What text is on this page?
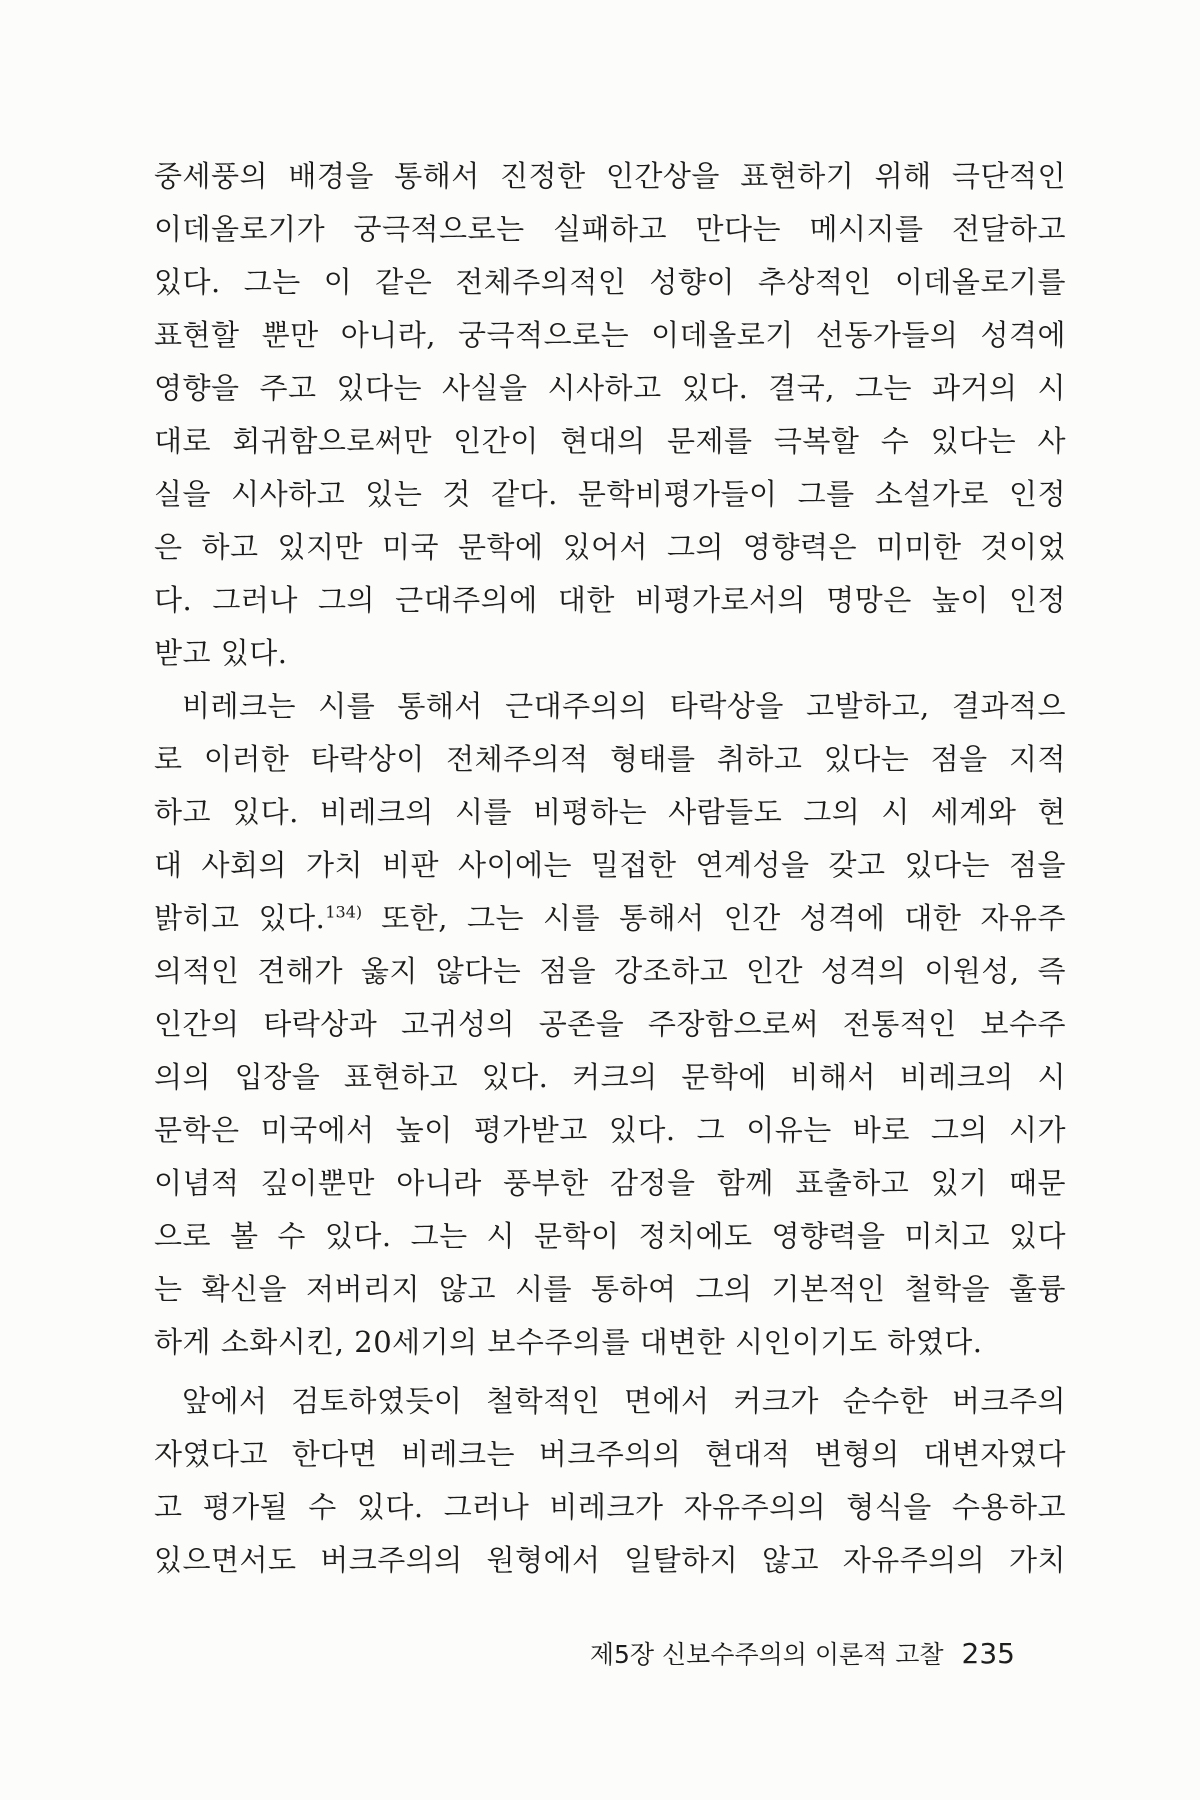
중세풍의 배경을 통해서 진정한 인간상을 표현하기 위해 극단적인
이데올로기가 궁극적으로는 실패하고 만다는 메시지를 전달하고
있다. 그는 이 같은 전체주의적인 성향이 추상적인 이데올로기를
표현할 뿐만 아니라, 궁극적으로는 이데올로기 선동가들의 성격에
영향을 주고 있다는 사실을 시사하고 있다. 결국, 그는 과거의 시
대로 회귀함으로써만 인간이 현대의 문제를 극복할 수 있다는 사
실을 시사하고 있는 것 같다. 문학비평가들이 그를 소설가로 인정
은 하고 있지만 미국 문학에 있어서 그의 영향력은 미미한 것이었
다. 그러나 그의 근대주의에 대한 비평가로서의 명망은 높이 인정
받고 있다.
비레크는 시를 통해서 근대주의의 타락상을 고발하고, 결과적으
로 이러한 타락상이 전체주의적 형태를 취하고 있다는 점을 지적
하고 있다. 비레크의 시를 비평하는 사람들도 그의 시 세계와 현
대 사회의 가치 비판 사이에는 밀접한 연계성을 갖고 있다는 점을
밝히고 있다.$^{134)}$ 또한, 그는 시를 통해서 인간 성격에 대한 자유주
의적인 견해가 옳지 않다는 점을 강조하고 인간 성격의 이원성, 즉
인간의 타락상과 고귀성의 공존을 주장함으로써 전통적인 보수주
의의 입장을 표현하고 있다. 커크의 문학에 비해서 비레크의 시
문학은 미국에서 높이 평가받고 있다. 그 이유는 바로 그의 시가
이념적 깊이뿐만 아니라 풍부한 감정을 함께 표출하고 있기 때문
으로 볼 수 있다. 그는 시 문학이 정치에도 영향력을 미치고 있다
는 확신을 저버리지 않고 시를 통하여 그의 기본적인 철학을 훌륭
하게 소화시킨, 20세기의 보수주의를 대변한 시인이기도 하였다.
앞에서 검토하였듯이 철학적인 면에서 커크가 순수한 버크주의
자였다고 한다면 비레크는 버크주의의 현대적 변형의 대변자였다
고 평가될 수 있다. 그러나 비레크가 자유주의의 형식을 수용하고
있으면서도 버크주의의 원형에서 일탈하지 않고 자유주의의 가치
제5장 신보수주의의 이론적 고찰 235
